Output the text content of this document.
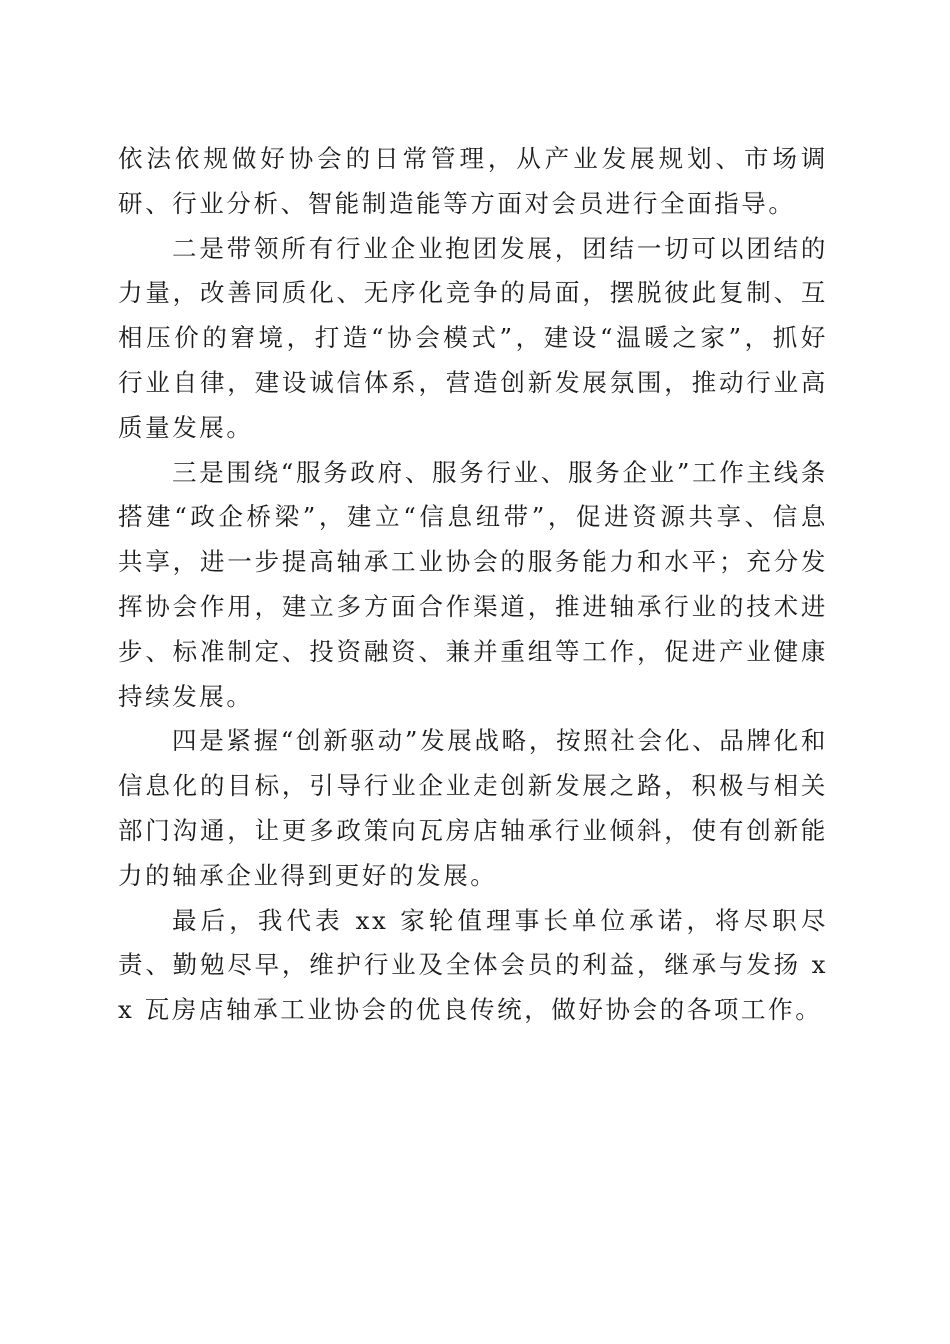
依法依规做好协会的日常管理，从产业发展规划、市场调研、行业分析、智能制造能等方面对会员进行全面指导。

二是带领所有行业企业抱团发展，团结一切可以团结的力量，改善同质化、无序化竞争的局面，摆脱彼此复制、互相压价的窘境，打造“协会模式”，建设“温暖之家”，抓好行业自律，建设诚信体系，营造创新发展氛围，推动行业高质量发展。

三是围绕“服务政府、服务行业、服务企业”工作主线条搭建“政企桥梁”，建立“信息纽带”，促进资源共享、信息共享，进一步提高轴承工业协会的服务能力和水平；充分发挥协会作用，建立多方面合作渠道，推进轴承行业的技术进步、标准制定、投资融资、兼并重组等工作，促进产业健康持续发展。

四是紧握“创新驱动”发展战略，按照社会化、品牌化和信息化的目标，引导行业企业走创新发展之路，积极与相关部门沟通，让更多政策向瓦房店轴承行业倾斜，使有创新能力的轴承企业得到更好的发展。

最后，我代表 xx 家轮值理事长单位承诺，将尽职尽责、勤勉尽早，维护行业及全体会员的利益，继承与发扬 xx 瓦房店轴承工业协会的优良传统，做好协会的各项工作。
